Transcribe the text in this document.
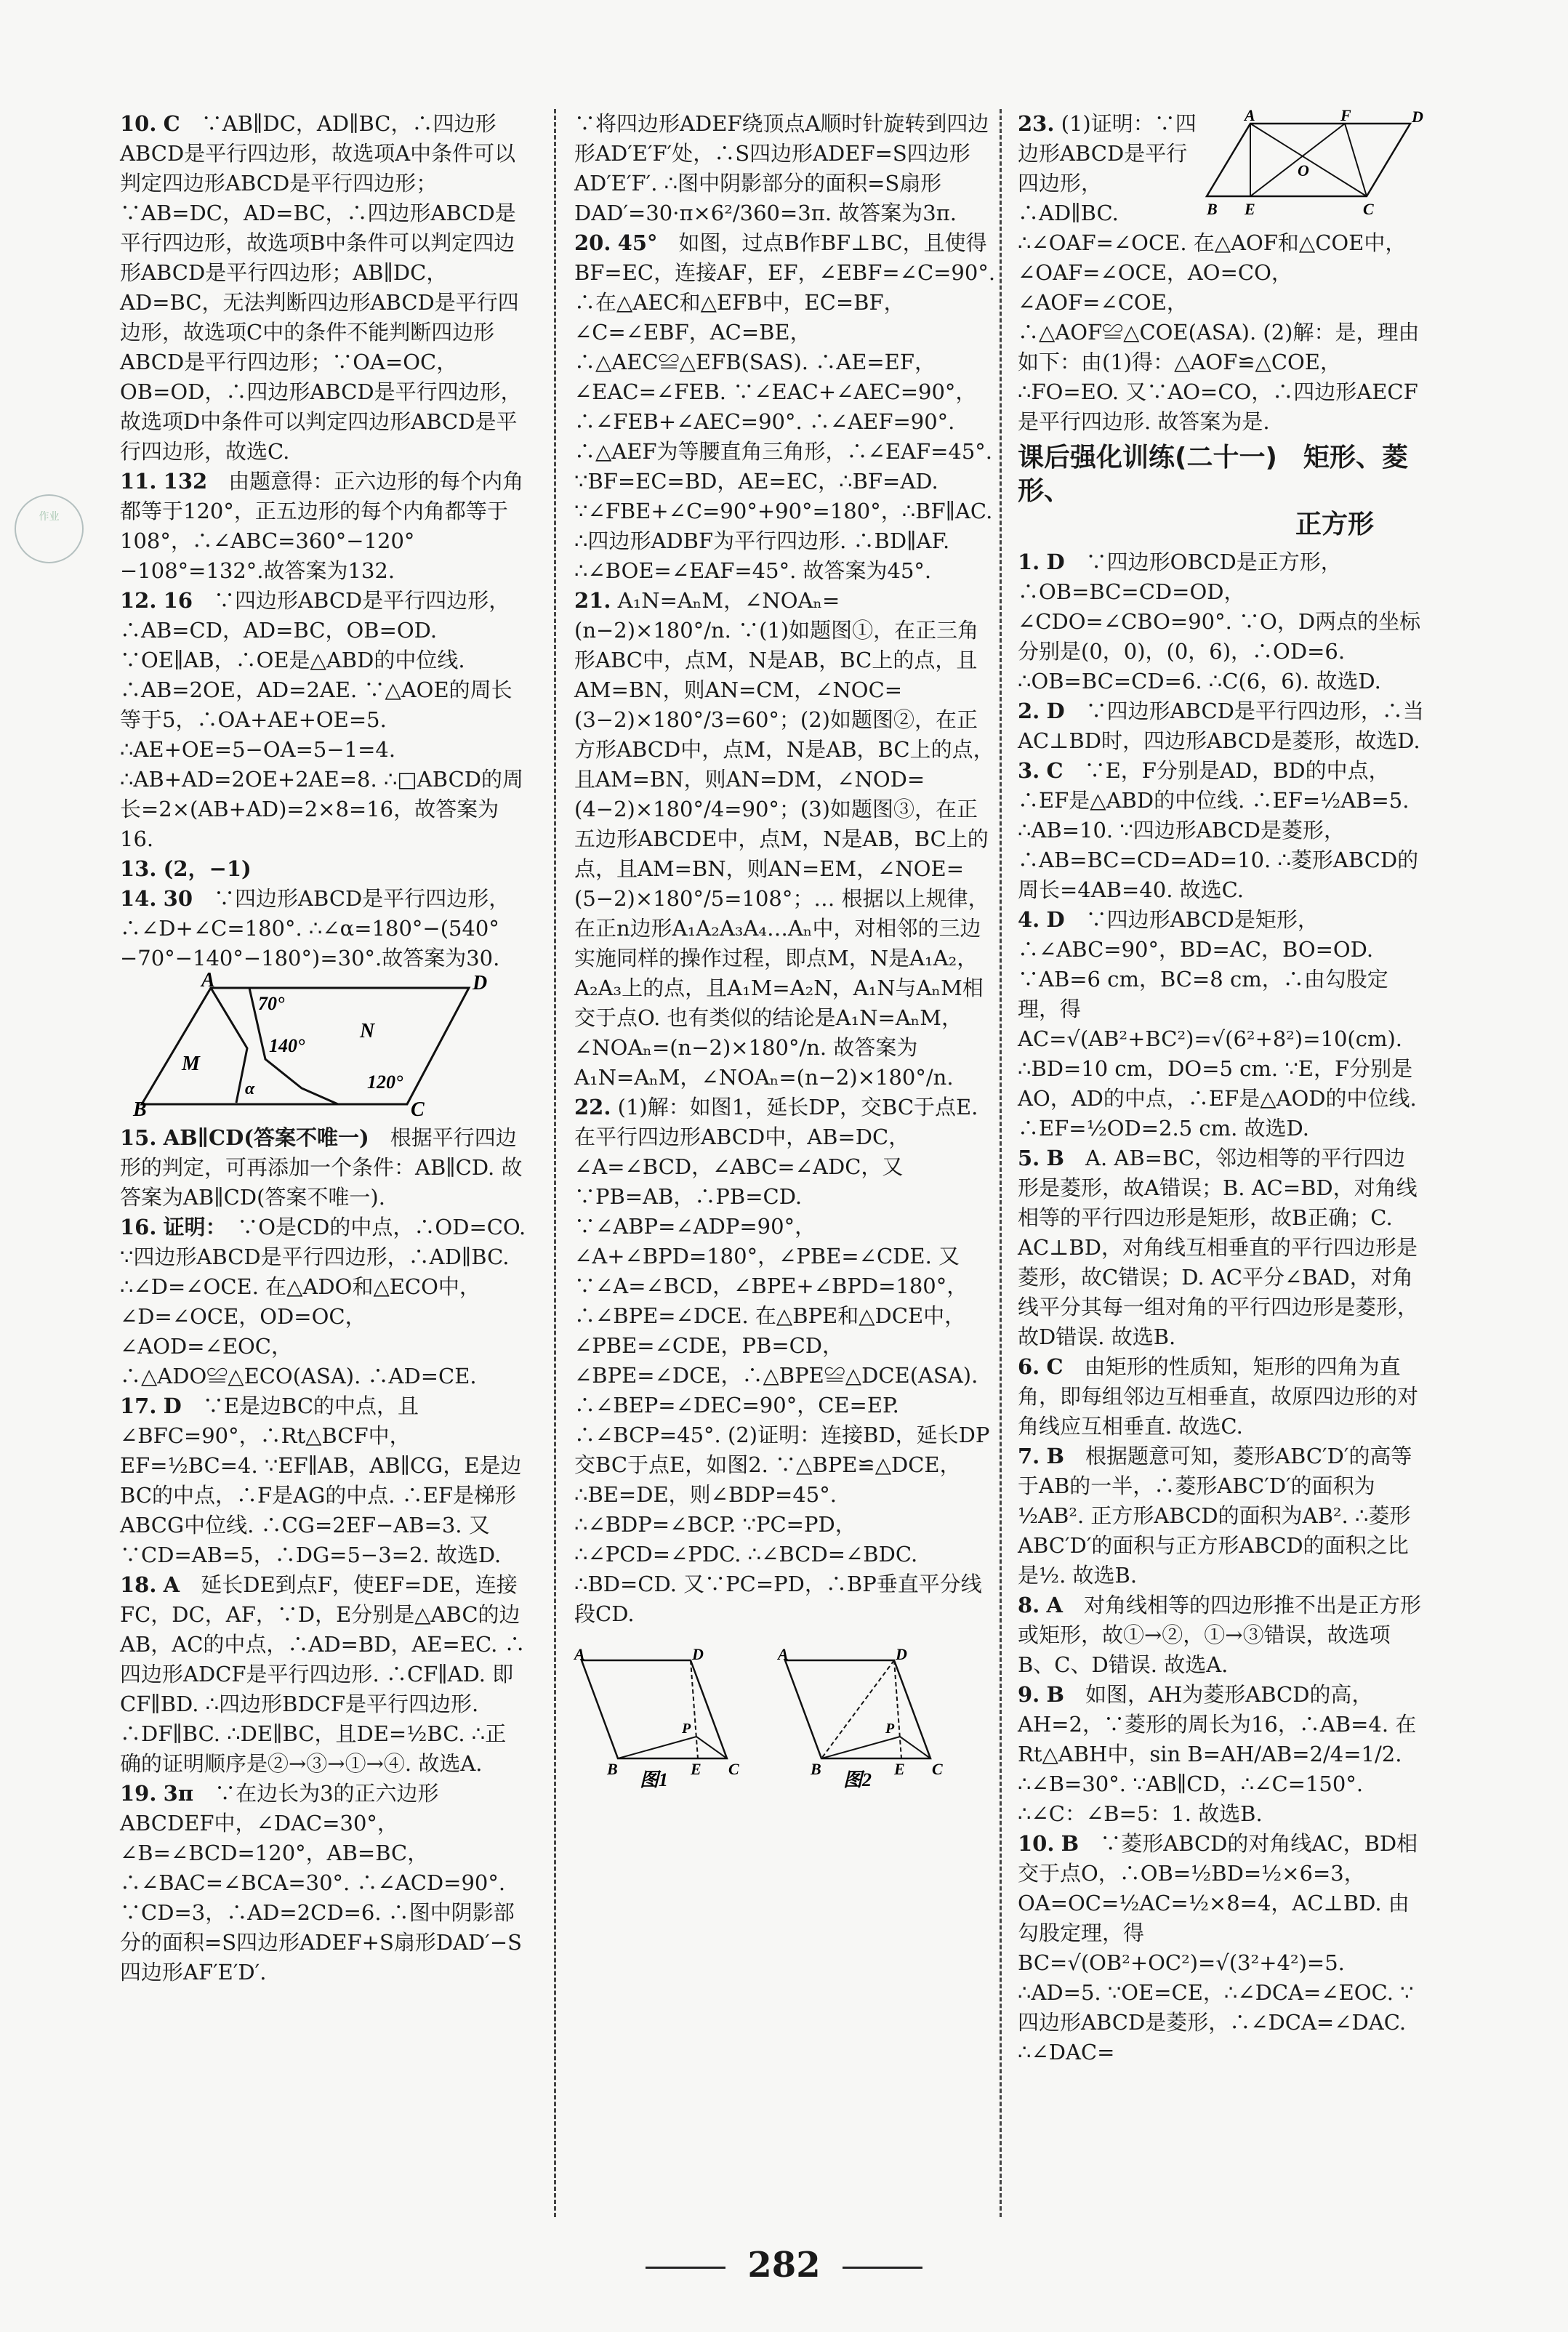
作业

10. C　 ∵AB∥DC，AD∥BC，∴四边形ABCD是平行四边形，故选项A中条件可以判定四边形ABCD是平行四边形；∵AB=DC，AD=BC，∴四边形ABCD是平行四边形，故选项B中条件可以判定四边形ABCD是平行四边形；AB∥DC，AD=BC，无法判断四边形ABCD是平行四边形，故选项C中的条件不能判断四边形ABCD是平行四边形；∵OA=OC，OB=OD，∴四边形ABCD是平行四边形，故选项D中条件可以判定四边形ABCD是平行四边形，故选C.

11. 132　 由题意得：正六边形的每个内角都等于120°，正五边形的每个内角都等于108°，∴∠ABC=360°−120°−108°=132°.故答案为132.

12. 16　 ∵四边形ABCD是平行四边形，∴AB=CD，AD=BC，OB=OD. ∵OE∥AB，∴OE是△ABD的中位线. ∴AB=2OE，AD=2AE. ∵△AOE的周长等于5，∴OA+AE+OE=5. ∴AE+OE=5−OA=5−1=4. ∴AB+AD=2OE+2AE=8. ∴□ABCD的周长=2×(AB+AD)=2×8=16，故答案为16.

13. (2，−1)　

14. 30　 ∵四边形ABCD是平行四边形，∴∠D+∠C=180°. ∴∠α=180°−(540°−70°−140°−180°)=30°.故答案为30.

A	D
B	C
M
N
70°
140°
120°
α

15. AB∥CD(答案不唯一)　 根据平行四边形的判定，可再添加一个条件：AB∥CD. 故答案为AB∥CD(答案不唯一).

16. 证明：　 ∵O是CD的中点，∴OD=CO. ∵四边形ABCD是平行四边形，∴AD∥BC. ∴∠D=∠OCE. 在△ADO和△ECO中，∠D=∠OCE，OD=OC，∠AOD=∠EOC，∴△ADO≌△ECO(ASA). ∴AD=CE.

17. D　 ∵E是边BC的中点，且∠BFC=90°，∴Rt△BCF中，EF=½BC=4. ∵EF∥AB，AB∥CG，E是边BC的中点，∴F是AG的中点. ∴EF是梯形ABCG中位线. ∴CG=2EF−AB=3. 又∵CD=AB=5，∴DG=5−3=2. 故选D.

18. A　 延长DE到点F，使EF=DE，连接FC，DC，AF，∵D，E分别是△ABC的边AB，AC的中点，∴AD=BD，AE=EC. ∴四边形ADCF是平行四边形. ∴CF∥AD. 即CF∥BD. ∴四边形BDCF是平行四边形. ∴DF∥BC. ∴DE∥BC，且DE=½BC. ∴正确的证明顺序是②→③→①→④. 故选A.

19. 3π　 ∵在边长为3的正六边形ABCDEF中，∠DAC=30°，∠B=∠BCD=120°，AB=BC，∴∠BAC=∠BCA=30°. ∴∠ACD=90°. ∵CD=3，∴AD=2CD=6. ∴图中阴影部分的面积=S四边形ADEF+S扇形DAD′−S四边形AF′E′D′.

∵将四边形ADEF绕顶点A顺时针旋转到四边形AD′E′F′处，∴S四边形ADEF=S四边形AD′E′F′. ∴图中阴影部分的面积=S扇形DAD′=30·π×6²/360=3π. 故答案为3π.

20. 45°　 如图，过点B作BF⊥BC，且使得BF=EC，连接AF，EF，∠EBF=∠C=90°. ∴在△AEC和△EFB中，EC=BF，∠C=∠EBF，AC=BE，∴△AEC≌△EFB(SAS). ∴AE=EF，∠EAC=∠FEB. ∵∠EAC+∠AEC=90°，∴∠FEB+∠AEC=90°. ∴∠AEF=90°. ∴△AEF为等腰直角三角形，∴∠EAF=45°. ∵BF=EC=BD，AE=EC，∴BF=AD. ∵∠FBE+∠C=90°+90°=180°，∴BF∥AC. ∴四边形ADBF为平行四边形. ∴BD∥AF. ∴∠BOE=∠EAF=45°. 故答案为45°.

21. A₁N=AₙM，∠NOAₙ=(n−2)×180°/n. ∵(1)如题图①，在正三角形ABC中，点M，N是AB，BC上的点，且AM=BN，则AN=CM，∠NOC=(3−2)×180°/3=60°；(2)如题图②，在正方形ABCD中，点M，N是AB，BC上的点，且AM=BN，则AN=DM，∠NOD=(4−2)×180°/4=90°；(3)如题图③，在正五边形ABCDE中，点M，N是AB，BC上的点，且AM=BN，则AN=EM，∠NOE=(5−2)×180°/5=108°；… 根据以上规律，在正n边形A₁A₂A₃A₄…Aₙ中，对相邻的三边实施同样的操作过程，即点M，N是A₁A₂，A₂A₃上的点，且A₁M=A₂N，A₁N与AₙM相交于点O. 也有类似的结论是A₁N=AₙM，∠NOAₙ=(n−2)×180°/n. 故答案为A₁N=AₙM，∠NOAₙ=(n−2)×180°/n.

22. (1)解：如图1，延长DP，交BC于点E. 在平行四边形ABCD中，AB=DC，∠A=∠BCD，∠ABC=∠ADC，又∵PB=AB，∴PB=CD. ∵∠ABP=∠ADP=90°，∠A+∠BPD=180°，∠PBE=∠CDE. 又∵∠A=∠BCD，∠BPE+∠BPD=180°，∴∠BPE=∠DCE. 在△BPE和△DCE中，∠PBE=∠CDE，PB=CD，∠BPE=∠DCE，∴△BPE≌△DCE(ASA). ∴∠BEP=∠DEC=90°，CE=EP. ∴∠BCP=45°. (2)证明：连接BD，延长DP交BC于点E，如图2. ∵△BPE≌△DCE，∴BE=DE，则∠BDP=45°. ∴∠BDP=∠BCP. ∵PC=PD，∴∠PCD=∠PDC. ∴∠BCD=∠BDC. ∴BD=CD. 又∵PC=PD，∴BP垂直平分线段CD.

A	D
B	E C
P
图1
A	D
B	E C
P
图2
A	F	D
O
B E	C

23. (1)证明：∵四边形ABCD是平行四边形，∴AD∥BC. ∴∠OAF=∠OCE. 在△AOF和△COE中，∠OAF=∠OCE，AO=CO，∠AOF=∠COE，∴△AOF≌△COE(ASA). (2)解：是，理由如下：由(1)得：△AOF≌△COE，∴FO=EO. 又∵AO=CO，∴四边形AECF是平行四边形. 故答案为是.

课后强化训练(二十一)　矩形、菱形、
正方形

1. D　 ∵四边形OBCD是正方形，∴OB=BC=CD=OD，∠CDO=∠CBO=90°. ∵O，D两点的坐标分别是(0，0)，(0，6)，∴OD=6. ∴OB=BC=CD=6. ∴C(6，6). 故选D.

2. D　 ∵四边形ABCD是平行四边形，∴当AC⊥BD时，四边形ABCD是菱形，故选D.

3. C　 ∵E，F分别是AD，BD的中点，∴EF是△ABD的中位线. ∴EF=½AB=5. ∴AB=10. ∵四边形ABCD是菱形，∴AB=BC=CD=AD=10. ∴菱形ABCD的周长=4AB=40. 故选C.

4. D　 ∵四边形ABCD是矩形，∴∠ABC=90°，BD=AC，BO=OD. ∵AB=6 cm，BC=8 cm，∴由勾股定理，得AC=√(AB²+BC²)=√(6²+8²)=10(cm). ∴BD=10 cm，DO=5 cm. ∵E，F分别是AO，AD的中点，∴EF是△AOD的中位线. ∴EF=½OD=2.5 cm. 故选D.

5. B　 A. AB=BC，邻边相等的平行四边形是菱形，故A错误；B. AC=BD，对角线相等的平行四边形是矩形，故B正确；C. AC⊥BD，对角线互相垂直的平行四边形是菱形，故C错误；D. AC平分∠BAD，对角线平分其每一组对角的平行四边形是菱形，故D错误. 故选B.

6. C　 由矩形的性质知，矩形的四角为直角，即每组邻边互相垂直，故原四边形的对角线应互相垂直. 故选C.

7. B　 根据题意可知，菱形ABC′D′的高等于AB的一半，∴菱形ABC′D′的面积为½AB². 正方形ABCD的面积为AB². ∴菱形ABC′D′的面积与正方形ABCD的面积之比是½. 故选B.

8. A　 对角线相等的四边形推不出是正方形或矩形，故①→②，①→③错误，故选项B、C、D错误. 故选A.

9. B　 如图，AH为菱形ABCD的高，AH=2，∵菱形的周长为16，∴AB=4. 在Rt△ABH中，sin B=AH/AB=2/4=1/2. ∴∠B=30°. ∵AB∥CD，∴∠C=150°. ∴∠C：∠B=5：1. 故选B.

10. B　 ∵菱形ABCD的对角线AC，BD相交于点O，∴OB=½BD=½×6=3，OA=OC=½AC=½×8=4，AC⊥BD. 由勾股定理，得BC=√(OB²+OC²)=√(3²+4²)=5. ∴AD=5. ∵OE=CE，∴∠DCA=∠EOC. ∵四边形ABCD是菱形，∴∠DCA=∠DAC. ∴∠DAC=

282
